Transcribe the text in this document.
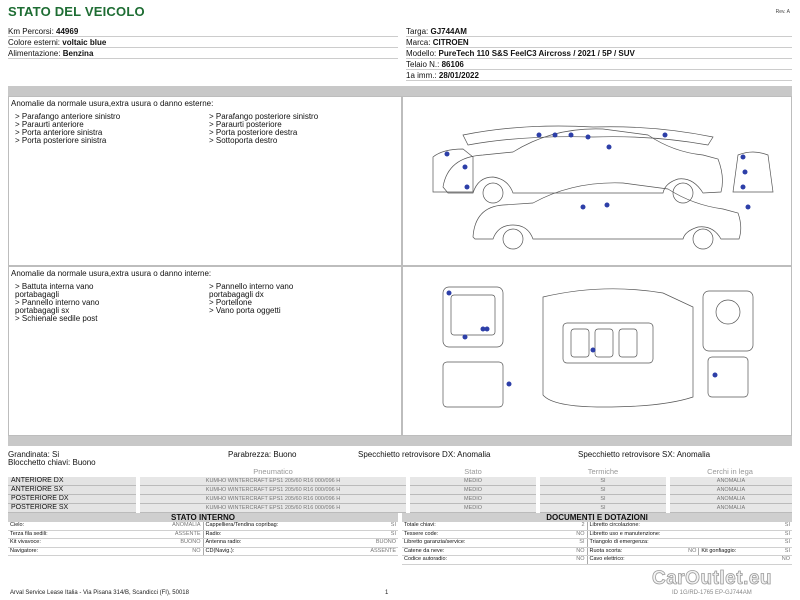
STATO DEL VEICOLO	Rev. A
Km Percorsi: 44969
Colore esterni: voltaic blue
Alimentazione: Benzina
Targa: GJ744AM
Marca: CITROEN
Modello: PureTech 110 S&S FeelC3 Aircross / 2021 / 5P / SUV
Telaio N.: 86106
1a imm.: 28/01/2022
Anomalie da normale usura,extra usura o danno esterne:
> Parafango anteriore sinistro
> Paraurti anteriore
> Porta anteriore sinistra
> Porta posteriore sinistra
> Parafango posteriore sinistro
> Paraurti posteriore
> Porta posteriore destra
> Sottoporta destro
Anomalie da normale usura,extra usura o danno interne:
> Battuta interna vano
portabagagli
> Pannello interno vano
portabagagli sx
> Schienale sedile post
> Pannello interno vano
portabagagli dx
> Portellone
> Vano porta oggetti
Grandinata: Si	Parabrezza: Buono	Specchietto retrovisore DX: Anomalia	Specchietto retrovisore SX: Anomalia
Blocchetto chiavi: Buono
	Pneumatico	Stato	Termiche	Cerchi in lega
ANTERIORE DX	KUMHO WINTERCRAFT EPS1 205/60 R16 000/096 H	MEDIO	SI	ANOMALIA
ANTERIORE SX	KUMHO WINTERCRAFT EPS1 205/60 R16 000/096 H	MEDIO	SI	ANOMALIA
POSTERIORE DX	KUMHO WINTERCRAFT EPS1 205/60 R16 000/096 H	MEDIO	SI	ANOMALIA
POSTERIORE SX	KUMHO WINTERCRAFT EPS1 205/60 R16 000/096 H	MEDIO	SI	ANOMALIA
STATO INTERNO
Cielo:	ANOMALIA	Cappelliera/Tendina copribag:	SI
Terza fila sedili:	ASSENTE	Radio:	SI
Kit vivavoce:	BUONO	Antenna radio:	BUONO
Navigatore:	NO	CD(Navig.):	ASSENTE
DOCUMENTI E DOTAZIONI
Totale chiavi:	2	Libretto circolazione:	SI		
Tessere code:	NO	Libretto uso e manutenzione:	SI		
Libretto garanzia/service:	SI	Triangolo di emergenza:	SI		
Catene da neve:	NO	Ruota scorta:	NO	Kit gonfiaggio:	SI
Codice autoradio:	NO	Cavo elettrico:	NO		
Arval Service Lease Italia - Via Pisana 314/B, Scandicci (FI), 50018	1	ID 1G/RD-1765 EP-GJ744AM
CarOutlet.eu
